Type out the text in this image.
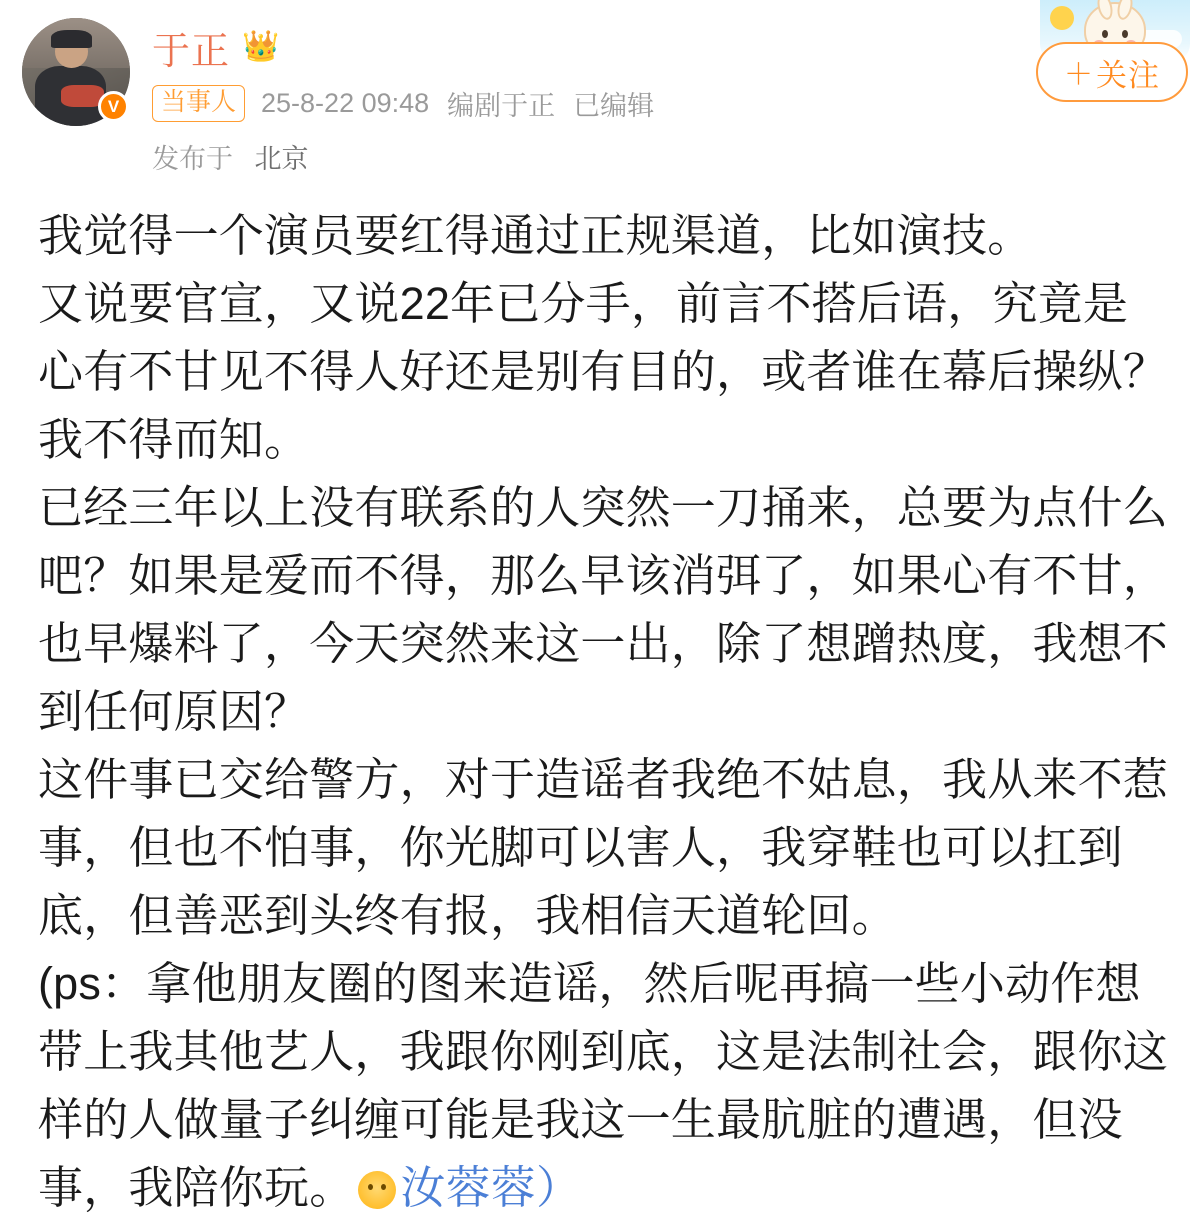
V
于正 👑
当事人 25-8-22 09:48 编剧于正 已编辑
发布于 北京
＋ 关注

我觉得一个演员要红得通过正规渠道，比如演技。

又说要官宣，又说22年已分手，前言不搭后语，究竟是心有不甘见不得人好还是别有目的，或者谁在幕后操纵？我不得而知。

已经三年以上没有联系的人突然一刀捅来，总要为点什么吧？如果是爱而不得，那么早该消弭了，如果心有不甘，也早爆料了，今天突然来这一出，除了想蹭热度，我想不到任何原因？

这件事已交给警方，对于造谣者我绝不姑息，我从来不惹事，但也不怕事，你光脚可以害人，我穿鞋也可以扛到底，但善恶到头终有报，我相信天道轮回。

(ps：拿他朋友圈的图来造谣，然后呢再搞一些小动作想带上我其他艺人，我跟你刚到底，这是法制社会，跟你这样的人做量子纠缠可能是我这一生最肮脏的遭遇，但没事，我陪你玩。 汝蓉蓉）
